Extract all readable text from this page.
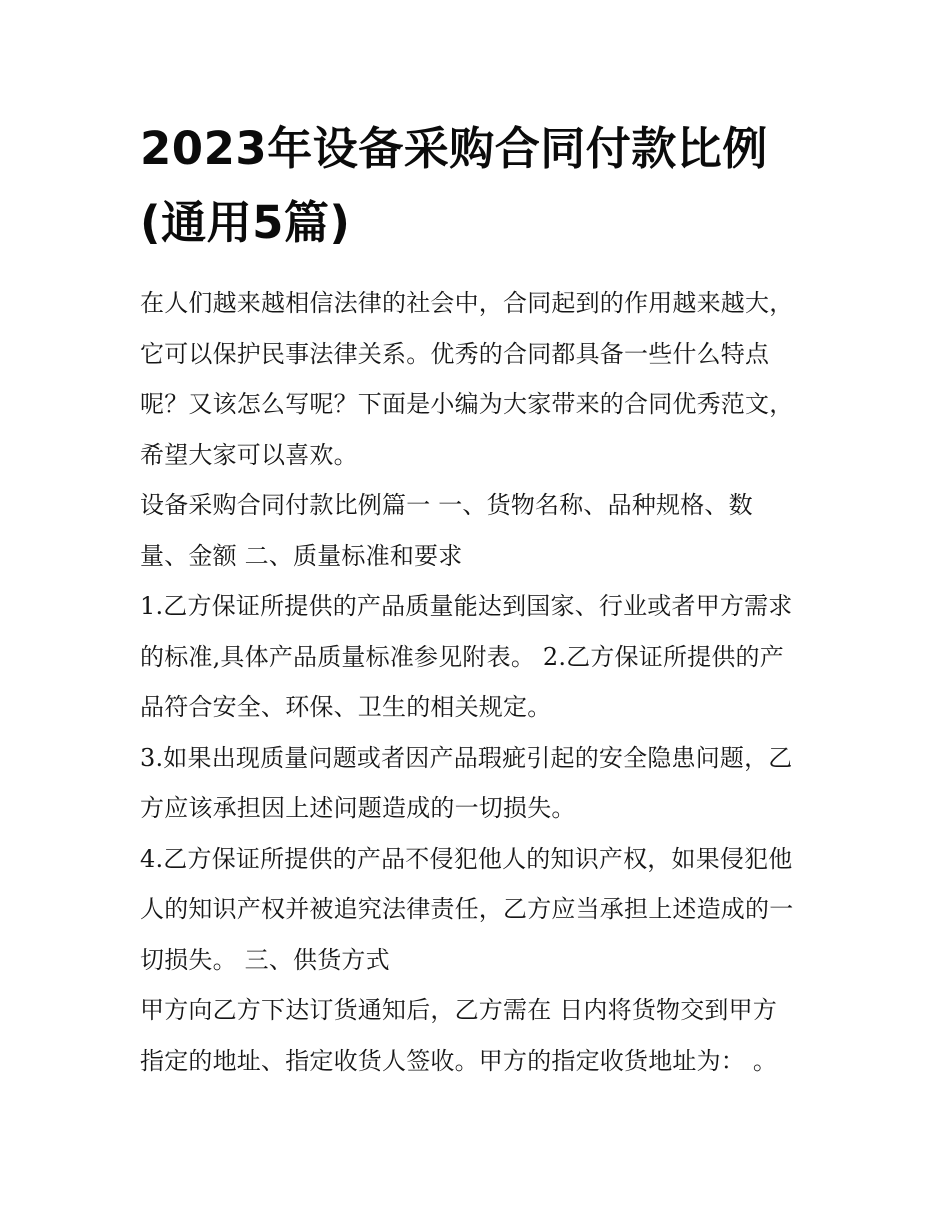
2023年设备采购合同付款比例
(通用5篇)

在人们越来越相信法律的社会中，合同起到的作用越来越大，
它可以保护民事法律关系。优秀的合同都具备一些什么特点
呢？又该怎么写呢？下面是小编为大家带来的合同优秀范文，
希望大家可以喜欢。

设备采购合同付款比例篇一 一、货物名称、品种规格、数
量、金额 二、质量标准和要求

1.乙方保证所提供的产品质量能达到国家、行业或者甲方需求
的标准,具体产品质量标准参见附表。 2.乙方保证所提供的产
品符合安全、环保、卫生的相关规定。

3.如果出现质量问题或者因产品瑕疵引起的安全隐患问题，乙
方应该承担因上述问题造成的一切损失。

4.乙方保证所提供的产品不侵犯他人的知识产权，如果侵犯他
人的知识产权并被追究法律责任，乙方应当承担上述造成的一
切损失。 三、供货方式

甲方向乙方下达订货通知后，乙方需在 日内将货物交到甲方
指定的地址、指定收货人签收。甲方的指定收货地址为： 。
